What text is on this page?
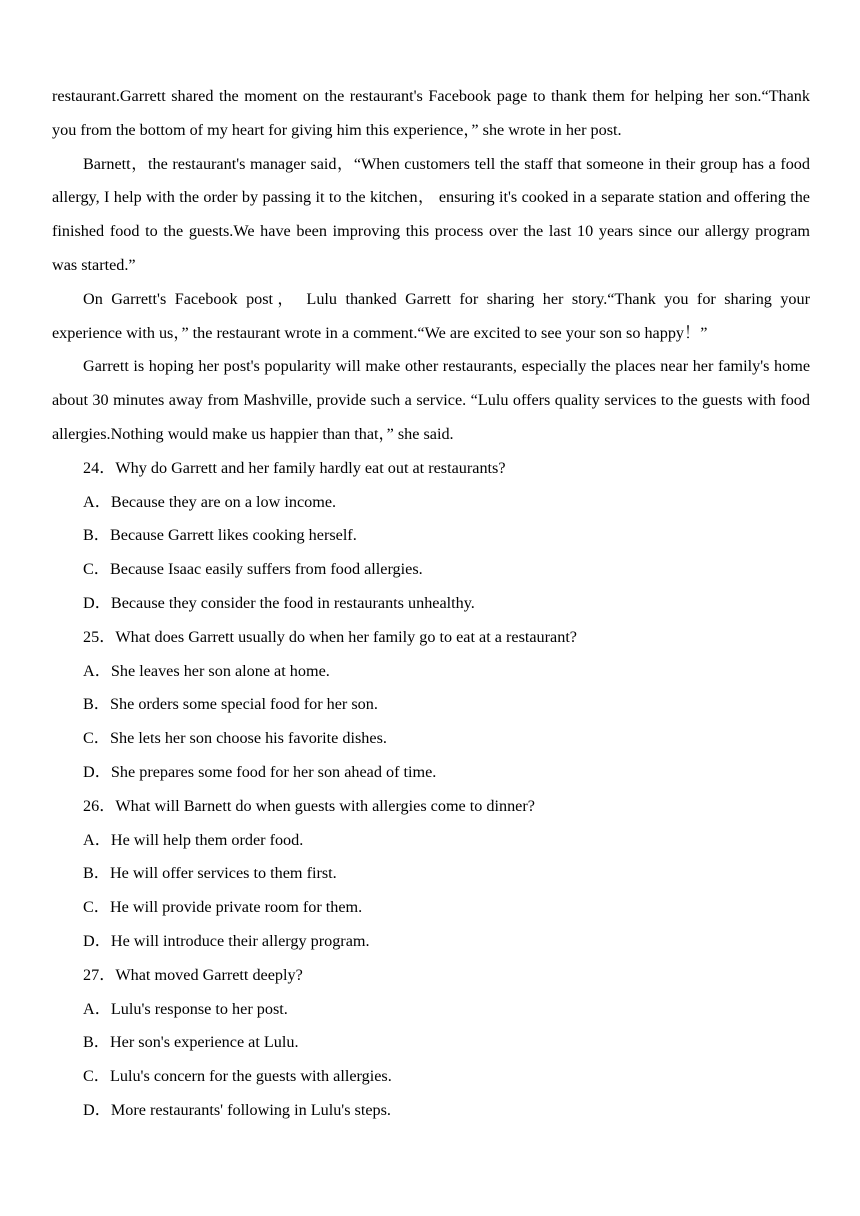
restaurant.Garrett shared the moment on the restaurant's Facebook page to thank them for helping her son.“Thank you from the bottom of my heart for giving him this experience，” she wrote in her post.

Barnett，the restaurant's manager said，“When customers tell the staff that someone in their group has a food allergy, I help with the order by passing it to the kitchen， ensuring it's cooked in a separate station and offering the finished food to the guests.We have been improving this process over the last 10 years since our allergy program was started.”

On Garrett's Facebook post， Lulu thanked Garrett for sharing her story.“Thank you for sharing your experience with us，” the restaurant wrote in a comment.“We are excited to see your son so happy！”

Garrett is hoping her post's popularity will make other restaurants, especially the places near her family's home about 30 minutes away from Mashville, provide such a service. “Lulu offers quality services to the guests with food allergies.Nothing would make us happier than that，” she said.

24．Why do Garrett and her family hardly eat out at restaurants?

A．Because they are on a low income.

B．Because Garrett likes cooking herself.

C．Because Isaac easily suffers from food allergies.

D．Because they consider the food in restaurants unhealthy.

25．What does Garrett usually do when her family go to eat at a restaurant?

A．She leaves her son alone at home.

B．She orders some special food for her son.

C．She lets her son choose his favorite dishes.

D．She prepares some food for her son ahead of time.

26．What will Barnett do when guests with allergies come to dinner?

A．He will help them order food.

B．He will offer services to them first.

C．He will provide private room for them.

D．He will introduce their allergy program.

27．What moved Garrett deeply?

A．Lulu's response to her post.

B．Her son's experience at Lulu.

C．Lulu's concern for the guests with allergies.

D．More restaurants' following in Lulu's steps.
